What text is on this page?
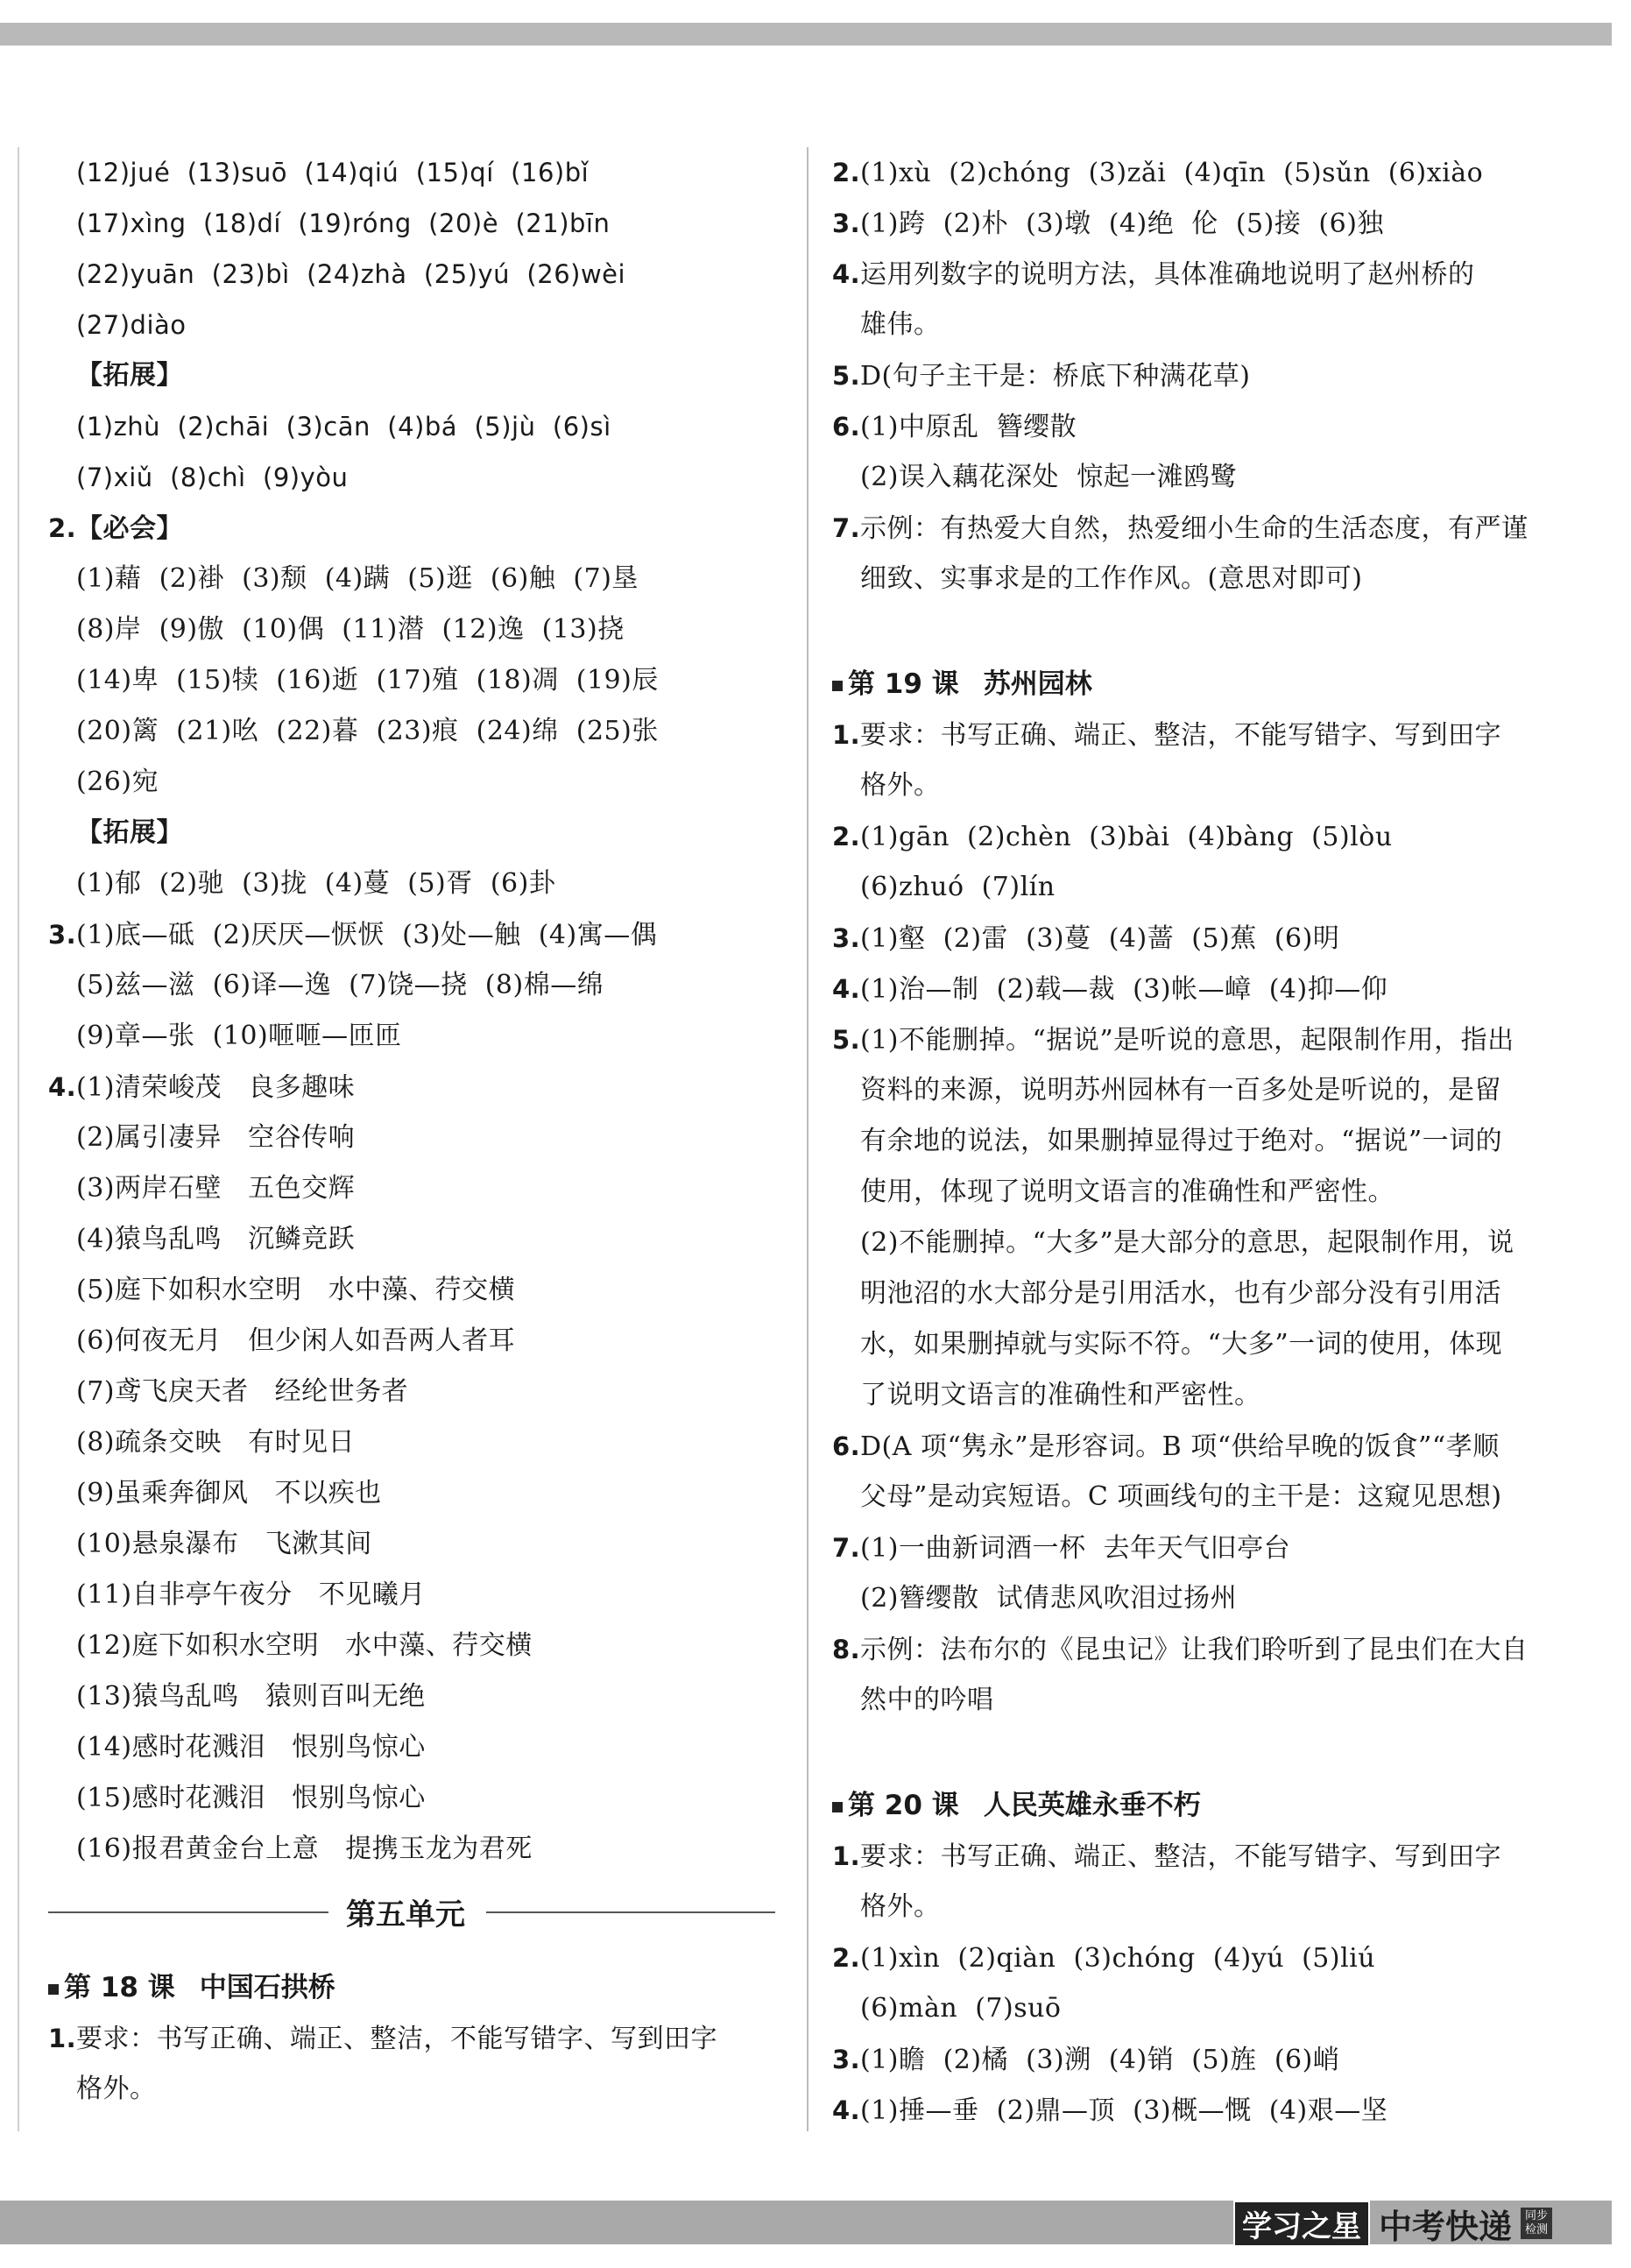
(12)jué  (13)suō  (14)qiú  (15)qí  (16)bǐ
(17)xìng  (18)dí  (19)róng  (20)è  (21)bīn
(22)yuān  (23)bì  (24)zhà  (25)yú  (26)wèi
(27)diào
【拓展】
(1)zhù  (2)chāi  (3)cān  (4)bá  (5)jù  (6)sì
(7)xiǔ  (8)chì  (9)yòu
2.【必会】
(1)藉  (2)褂  (3)颓  (4)蹒  (5)逛  (6)触  (7)垦
(8)岸  (9)傲  (10)偶  (11)潜  (12)逸  (13)挠
(14)卑  (15)犊  (16)逝  (17)殖  (18)凋  (19)辰
(20)篱  (21)吆  (22)暮  (23)痕  (24)绵  (25)张
(26)宛
【拓展】
(1)郁  (2)驰  (3)拢  (4)蔓  (5)胥  (6)卦
3.(1)底—砥  (2)厌厌—恹恹  (3)处—触  (4)寓—偶
(5)兹—滋  (6)译—逸  (7)饶—挠  (8)棉—绵
(9)章—张  (10)咂咂—匝匝
4.(1)清荣峻茂   良多趣味
(2)属引凄异   空谷传响
(3)两岸石壁   五色交辉
(4)猿鸟乱鸣   沉鳞竞跃
(5)庭下如积水空明   水中藻、荇交横
(6)何夜无月   但少闲人如吾两人者耳
(7)鸢飞戾天者   经纶世务者
(8)疏条交映   有时见日
(9)虽乘奔御风   不以疾也
(10)悬泉瀑布   飞漱其间
(11)自非亭午夜分   不见曦月
(12)庭下如积水空明   水中藻、荇交横
(13)猿鸟乱鸣   猿则百叫无绝
(14)感时花溅泪   恨别鸟惊心
(15)感时花溅泪   恨别鸟惊心
(16)报君黄金台上意   提携玉龙为君死
第五单元
第 18 课 中国石拱桥
1.要求：书写正确、端正、整洁，不能写错字、写到田字
格外。
2.(1)xù  (2)chóng  (3)zǎi  (4)qīn  (5)sǔn  (6)xiào
3.(1)跨  (2)朴  (3)墩  (4)绝  伦  (5)接  (6)独
4.运用列数字的说明方法，具体准确地说明了赵州桥的
雄伟。
5.D(句子主干是：桥底下种满花草)
6.(1)中原乱  簪缨散
(2)误入藕花深处  惊起一滩鸥鹭
7.示例：有热爱大自然，热爱细小生命的生活态度，有严谨
细致、实事求是的工作作风。(意思对即可)
第 19 课 苏州园林
1.要求：书写正确、端正、整洁，不能写错字、写到田字
格外。
2.(1)gān  (2)chèn  (3)bài  (4)bàng  (5)lòu
(6)zhuó  (7)lín
3.(1)壑  (2)雷  (3)蔓  (4)蔷  (5)蕉  (6)明
4.(1)治—制  (2)载—裁  (3)帐—嶂  (4)抑—仰
5.(1)不能删掉。“据说”是听说的意思，起限制作用，指出
资料的来源，说明苏州园林有一百多处是听说的，是留
有余地的说法，如果删掉显得过于绝对。“据说”一词的
使用，体现了说明文语言的准确性和严密性。
(2)不能删掉。“大多”是大部分的意思，起限制作用，说
明池沼的水大部分是引用活水，也有少部分没有引用活
水，如果删掉就与实际不符。“大多”一词的使用，体现
了说明文语言的准确性和严密性。
6.D(A 项“隽永”是形容词。B 项“供给早晚的饭食”“孝顺
父母”是动宾短语。C 项画线句的主干是：这窥见思想)
7.(1)一曲新词酒一杯  去年天气旧亭台
(2)簪缨散  试倩悲风吹泪过扬州
8.示例：法布尔的《昆虫记》让我们聆听到了昆虫们在大自
然中的吟唱
第 20 课 人民英雄永垂不朽
1.要求：书写正确、端正、整洁，不能写错字、写到田字
格外。
2.(1)xìn  (2)qiàn  (3)chóng  (4)yú  (5)liú
(6)màn  (7)suō
3.(1)瞻  (2)橘  (3)溯  (4)销  (5)旌  (6)峭
4.(1)捶—垂  (2)鼎—顶  (3)概—慨  (4)艰—坚
学习之星 中考快递	同步检测
